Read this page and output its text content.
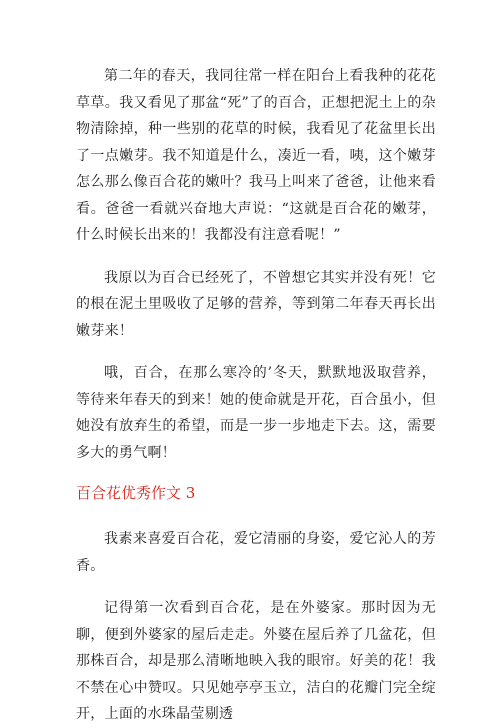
第二年的春天，我同往常一样在阳台上看我种的花花草草。我又看见了那盆“死”了的百合，正想把泥土上的杂物清除掉，种一些别的花草的时候，我看见了花盆里长出了一点嫩芽。我不知道是什么，凑近一看，咦，这个嫩芽怎么那么像百合花的嫩叶？我马上叫来了爸爸，让他来看看。爸爸一看就兴奋地大声说：“这就是百合花的嫩芽，什么时候长出来的！我都没有注意看呢！”

我原以为百合已经死了，不曾想它其实并没有死！它的根在泥土里吸收了足够的营养，等到第二年春天再长出嫩芽来！

哦，百合，在那么寒冷的’冬天，默默地汲取营养，等待来年春天的到来！她的使命就是开花，百合虽小，但她没有放弃生的希望，而是一步一步地走下去。这，需要多大的勇气啊！

百合花优秀作文 3

我素来喜爱百合花，爱它清丽的身姿，爱它沁人的芳香。

记得第一次看到百合花，是在外婆家。那时因为无聊，便到外婆家的屋后走走。外婆在屋后养了几盆花，但那株百合，却是那么清晰地映入我的眼帘。好美的花！我不禁在心中赞叹。只见她亭亭玉立，洁白的花瓣门完全绽开，上面的水珠晶莹剔透
